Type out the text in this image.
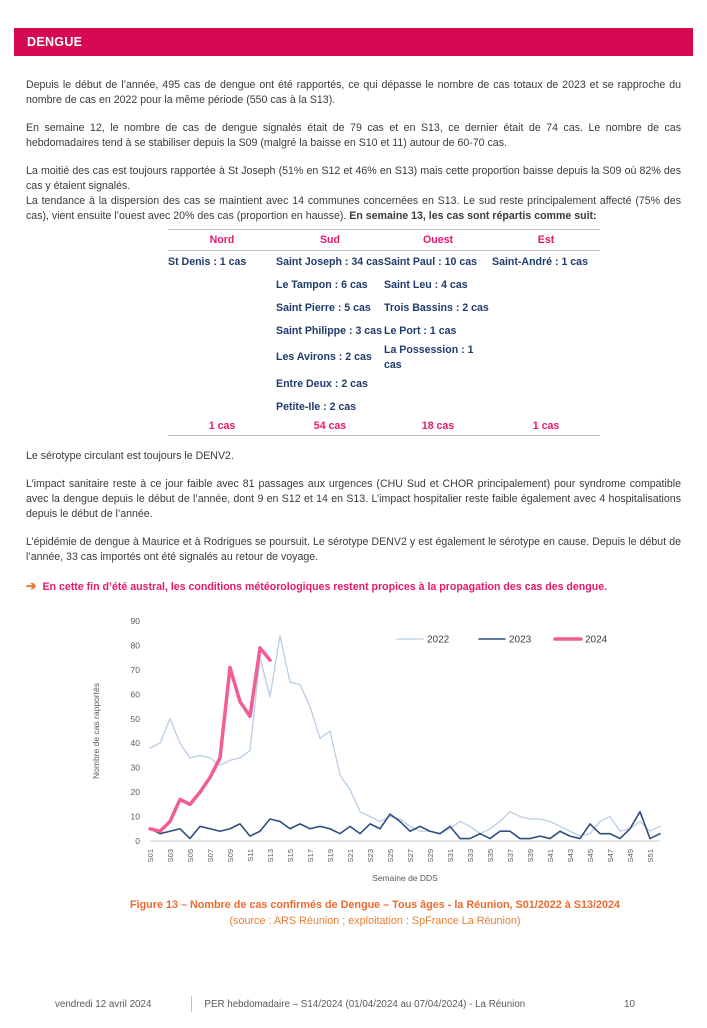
DENGUE

Depuis le début de l’année, 495 cas de dengue ont été rapportés, ce qui dépasse le nombre de cas totaux de 2023 et se rapproche du nombre de cas en 2022 pour la même période (550 cas à la S13).

En semaine 12, le nombre de cas de dengue signalés était de 79 cas et en S13, ce dernier était de 74 cas. Le nombre de cas hebdomadaires tend à se stabiliser depuis la S09 (malgré la baisse en S10 et 11) autour de 60-70 cas.

La moitié des cas est toujours rapportée à St Joseph (51% en S12 et 46% en S13) mais cette proportion baisse depuis la S09 où 82% des cas y étaient signalés.
La tendance à la dispersion des cas se maintient avec 14 communes concernées en S13. Le sud reste principalement affecté (75% des cas), vient ensuite l’ouest avec 20% des cas (proportion en hausse). En semaine 13, les cas sont répartis comme suit:

Nord	Sud	Ouest	Est
St Denis : 1 cas	Saint Joseph : 34 cas	Saint Paul : 10 cas	Saint-André : 1 cas
	Le Tampon : 6 cas	Saint Leu : 4 cas	
	Saint Pierre : 5 cas	Trois Bassins : 2 cas	
	Saint Philippe : 3 cas	Le Port : 1 cas	
	Les Avirons : 2 cas	La Possession : 1 cas	
	Entre Deux : 2 cas		
	Petite-Ile : 2 cas		
1 cas	54 cas	18 cas	1 cas

Le sérotype circulant est toujours le DENV2.

L’impact sanitaire reste à ce jour faible avec 81 passages aux urgences (CHU Sud et CHOR principalement) pour syndrome compatible avec la dengue depuis le début de l’année, dont 9 en S12 et 14 en S13. L’impact hospitalier reste faible également avec 4 hospitalisations depuis le début de l’année.

L’épidémie de dengue à Maurice et à Rodrigues se poursuit. Le sérotype DENV2 y est également le sérotype en cause. Depuis le début de l’année, 33 cas importés ont été signalés au retour de voyage.

➔ En cette fin d’été austral, les conditions météorologiques restent propices à la propagation des cas des dengue.

0
10
20
30
40
50
60
70
80
90
S01 S03 S05 S07 S09 S11 S13 S15 S17 S19 S21 S23 S25 S27 S29 S31 S33 S35 S37 S39 S41 S43 S45 S47 S49 S51
Nombre de cas rapportés
Semaine de DDS
2022	2023	2024
Figure 13 – Nombre de cas confirmés de Dengue – Tous âges - la Réunion, S01/2022 à S13/2024
(source : ARS Réunion ; exploitation : SpFrance La Réunion)
vendredi 12 avril 2024	PER hebdomadaire – S14/2024 (01/04/2024 au 07/04/2024) - La Réunion	10
